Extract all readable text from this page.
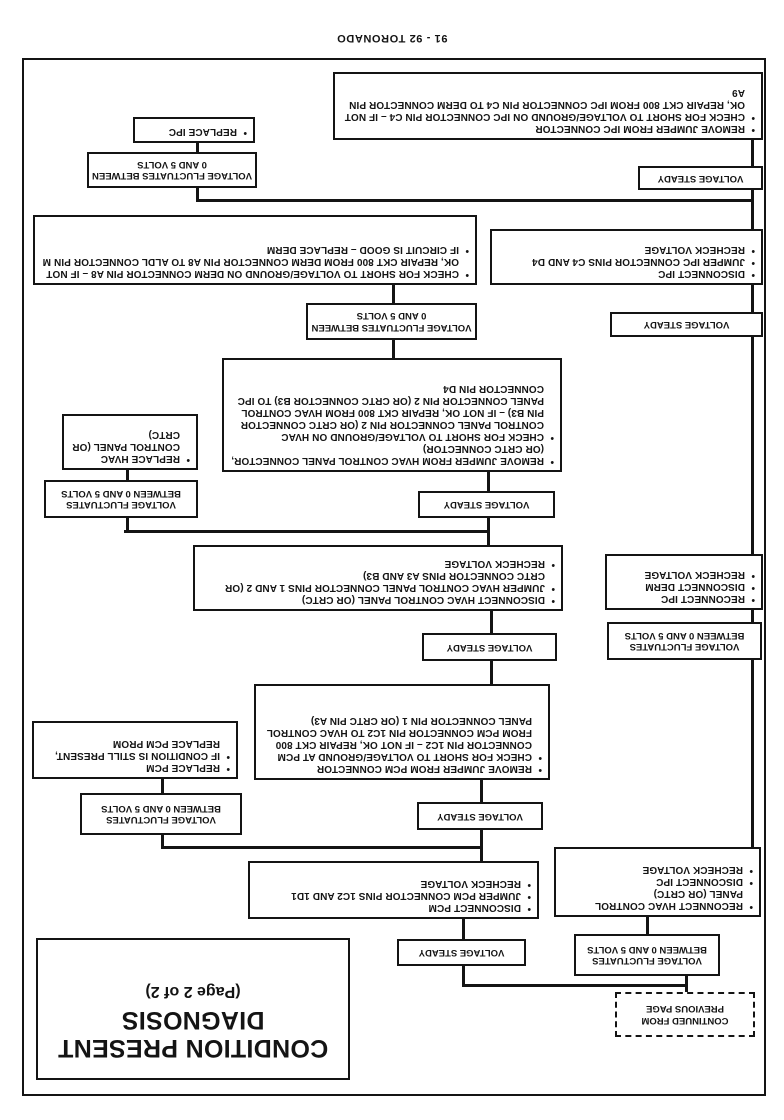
91 - 92 TORONADO
CONDITION PRESENT
DIAGNOSIS
(Page 2 of 2)
CONTINUED FROM PREVIOUS PAGE
VOLTAGE FLUCTUATES BETWEEN 0 AND 5 VOLTS
• RECONNECT HVAC CONTROL PANEL (OR CRTC)
• DISCONNECT IPC
• RECHECK VOLTAGE
VOLTAGE FLUCTUATES BETWEEN 0 AND 5 VOLTS
• RECONNECT IPC
• DISCONNECT DERM
• RECHECK VOLTAGE
VOLTAGE STEADY
• DISCONNECT IPC
• JUMPER IPC CONNECTOR PINS C4 AND D4
• RECHECK VOLTAGE
VOLTAGE STEADY
• REMOVE JUMPER FROM IPC CONNECTOR
• CHECK FOR SHORT TO VOLTAGE/GROUND ON IPC CONNECTOR PIN C4 – IF NOT OK, REPAIR CKT 800 FROM IPC CONNECTOR PIN C4 TO DERM CONNECTOR PIN A9
VOLTAGE STEADY
• DISCONNECT PCM
• JUMPER PCM CONNECTOR PINS 1C2 AND 1D1
• RECHECK VOLTAGE
VOLTAGE STEADY
• REMOVE JUMPER FROM PCM CONNECTOR
• CHECK FOR SHORT TO VOLTAGE/GROUND AT PCM CONNECTOR PIN 1C2 – IF NOT OK, REPAIR CKT 800 FROM PCM CONNECTOR PIN 1C2 TO HVAC CONTROL PANEL CONNECTOR PIN 1 (OR CRTC PIN A3)
VOLTAGE STEADY
• DISCONNECT HVAC CONTROL PANEL (OR CRTC)
• JUMPER HVAC CONTROL PANEL CONNECTOR PINS 1 AND 2 (OR CRTC CONNECTOR PINS A3 AND B3)
• RECHECK VOLTAGE
VOLTAGE STEADY
• REMOVE JUMPER FROM HVAC CONTROL PANEL CONNECTOR, (OR CRTC CONNECTOR)
• CHECK FOR SHORT TO VOLTAGE/GROUND ON HVAC CONTROL PANEL CONNECTOR PIN 2 (OR CRTC CONNECTOR PIN B3) – IF NOT OK, REPAIR CKT 800 FROM HVAC CONTROL PANEL CONNECTOR PIN 2 (OR CRTC CONNECTOR B3) TO IPC CONNECTOR PIN D4
VOLTAGE FLUCTUATES BETWEEN 0 AND 5 VOLTS
• CHECK FOR SHORT TO VOLTAGE/GROUND ON DERM CONNECTOR PIN A8 – IF NOT OK, REPAIR CKT 800 FROM DERM CONNECTOR PIN A8 TO ALDL CONNECTOR PIN M
• IF CIRCUIT IS GOOD – REPLACE DERM
VOLTAGE FLUCTUATES BETWEEN 0 AND 5 VOLTS
• REPLACE PCM
• IF CONDITION IS STILL PRESENT, REPLACE PCM PROM
VOLTAGE FLUCTUATES BETWEEN 0 AND 5 VOLTS
• REPLACE HVAC CONTROL PANEL (OR CRTC)
VOLTAGE FLUCTUATES BETWEEN 0 AND 5 VOLTS
• REPLACE IPC
